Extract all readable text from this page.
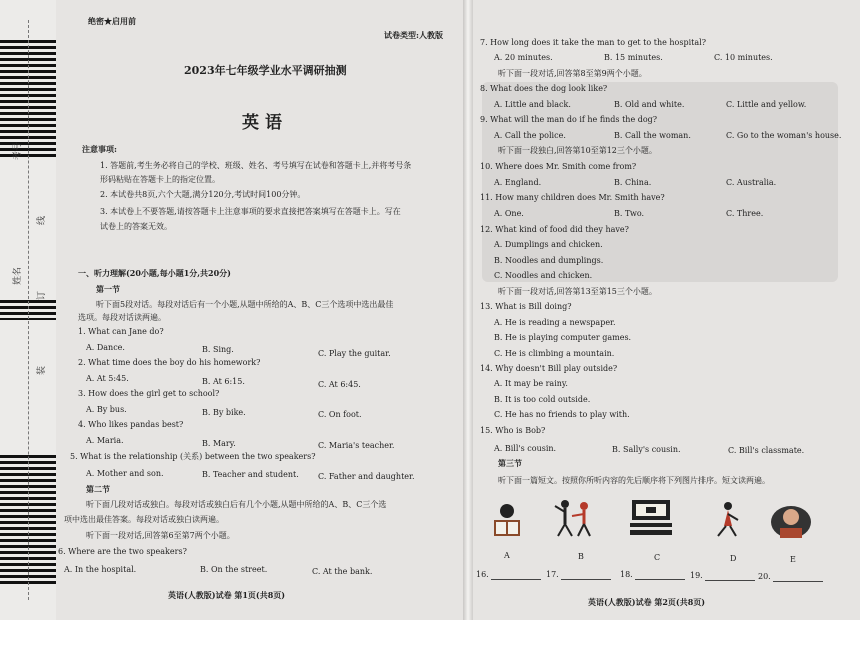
考号
线
订
姓名
装
绝密★启用前
试卷类型:人教版
2023年七年级学业水平调研抽测
英语
注意事项:
1. 答题前,考生务必将自己的学校、班级、姓名、考号填写在试卷和答题卡上,并将考号条
形码粘贴在答题卡上的指定位置。
2. 本试卷共8页,六个大题,满分120分,考试时间100分钟。
3. 本试卷上不要答题,请按答题卡上注意事项的要求直接把答案填写在答题卡上。写在
试卷上的答案无效。
一、听力理解(20小题,每小题1分,共20分)
第一节
听下面5段对话。每段对话后有一个小题,从题中所给的A、B、C三个选项中选出最佳
选项。每段对话读两遍。
1. What can Jane do?
A. Dance.	B. Sing.	C. Play the guitar.
2. What time does the boy do his homework?
A. At 5:45.	B. At 6:15.	C. At 6:45.
3. How does the girl get to school?
A. By bus.	B. By bike.	C. On foot.
4. Who likes pandas best?
A. Maria.	B. Mary.	C. Maria's teacher.
5. What is the relationship (关系) between the two speakers?
A. Mother and son.	B. Teacher and student. C. Father and daughter.
第二节
听下面几段对话或独白。每段对话或独白后有几个小题,从题中所给的A、B、C三个选
项中选出最佳答案。每段对话或独白读两遍。
听下面一段对话,回答第6至第7两个小题。
6. Where are the two speakers?
A. In the hospital.	B. On the street.	C. At the bank.
英语(人教版)试卷 第1页(共8页)
7. How long does it take the man to get to the hospital?
A. 20 minutes.	B. 15 minutes.	C. 10 minutes.
听下面一段对话,回答第8至第9两个小题。
8. What does the dog look like?
A. Little and black.	B. Old and white.	C. Little and yellow.
9. What will the man do if he finds the dog?
A. Call the police.	B. Call the woman.	C. Go to the woman's house.
听下面一段独白,回答第10至第12三个小题。
10. Where does Mr. Smith come from?
A. England.	B. China.	C. Australia.
11. How many children does Mr. Smith have?
A. One.	B. Two.	C. Three.
12. What kind of food did they have?
A. Dumplings and chicken.
B. Noodles and dumplings.
C. Noodles and chicken.
听下面一段对话,回答第13至第15三个小题。
13. What is Bill doing?
A. He is reading a newspaper.
B. He is playing computer games.
C. He is climbing a mountain.
14. Why doesn't Bill play outside?
A. It may be rainy.
B. It is too cold outside.
C. He has no friends to play with.
15. Who is Bob?
A. Bill's cousin.	B. Sally's cousin.	C. Bill's classmate.
第三节
听下面一篇短文。按照你所听内容的先后顺序将下列图片排序。短文读两遍。
A	B	C	D	E
16.	17.	18.	19.	20.
英语(人教版)试卷 第2页(共8页)
